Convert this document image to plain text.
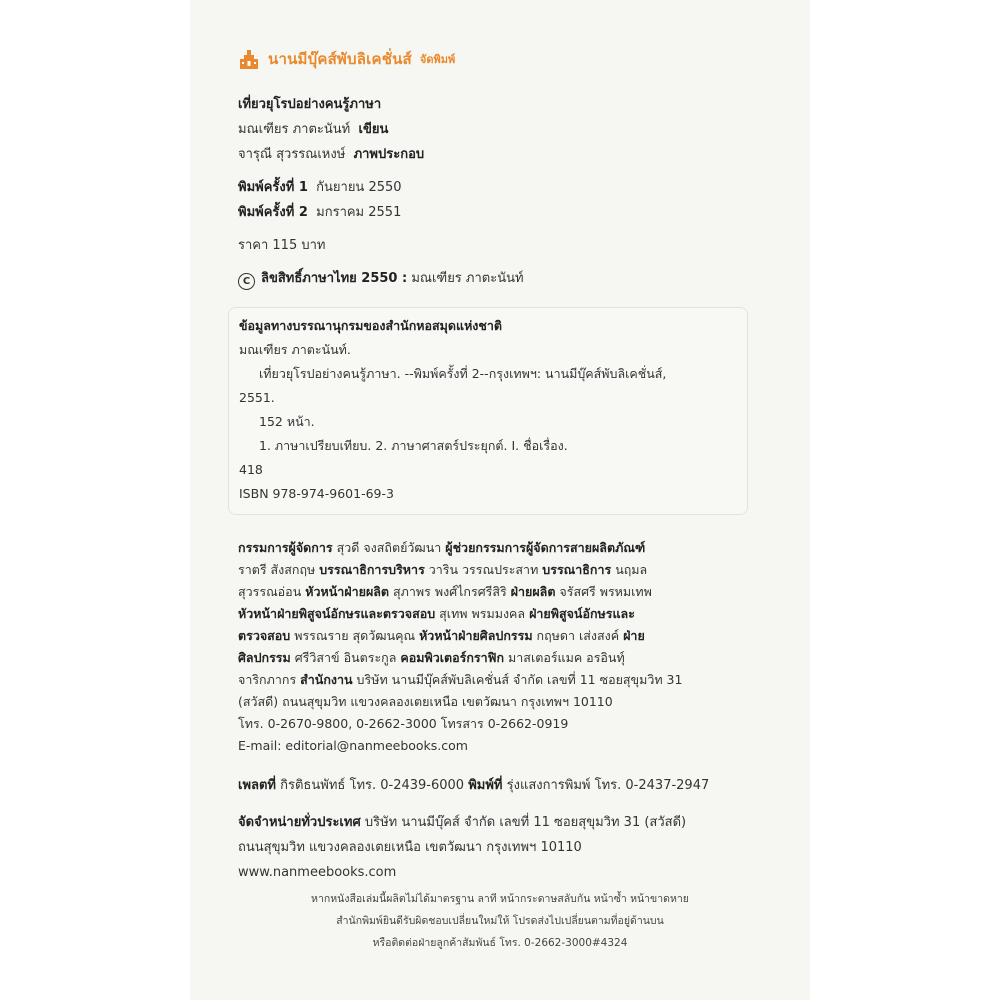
นานมีบุ๊คส์พับลิเคชั่นส์ จัดพิมพ์
เที่ยวยุโรปอย่างคนรู้ภาษา
มณเฑียร ภาตะนันท์ เขียน
จารุณี สุวรรณเหงษ์ ภาพประกอบ
พิมพ์ครั้งที่ 1 กันยายน 2550
พิมพ์ครั้งที่ 2 มกราคม 2551
ราคา 115 บาท
C ลิขสิทธิ์ภาษาไทย 2550 : มณเฑียร ภาตะนันท์
ข้อมูลทางบรรณานุกรมของสำนักหอสมุดแห่งชาติ
มณเฑียร ภาตะนันท์.
เที่ยวยุโรปอย่างคนรู้ภาษา. --พิมพ์ครั้งที่ 2--กรุงเทพฯ: นานมีบุ๊คส์พับลิเคชั่นส์,
2551.
152 หน้า.
1. ภาษาเปรียบเทียบ. 2. ภาษาศาสตร์ประยุกต์. I. ชื่อเรื่อง.
418
ISBN 978-974-9601-69-3
กรรมการผู้จัดการ สุวดี จงสถิตย์วัฒนา ผู้ช่วยกรรมการผู้จัดการสายผลิตภัณฑ์
ราตรี สังสกฤษ บรรณาธิการบริหาร วาริน วรรณประสาท บรรณาธิการ นฤมล
สุวรรณอ่อน หัวหน้าฝ่ายผลิต สุภาพร พงศ์ไกรศรีสิริ ฝ่ายผลิต จรัสศรี พรหมเทพ
หัวหน้าฝ่ายพิสูจน์อักษรและตรวจสอบ สุเทพ พรมมงคล ฝ่ายพิสูจน์อักษรและ
ตรวจสอบ พรรณราย สุดวัฒนคุณ หัวหน้าฝ่ายศิลปกรรม กฤษดา เส่งสงค์ ฝ่าย
ศิลปกรรม ศรีวิสาข์ อินตระกูล คอมพิวเตอร์กราฟิก มาสเตอร์แมค อรอินทุ์
จาริกภากร สำนักงาน บริษัท นานมีบุ๊คส์พับลิเคชั่นส์ จำกัด เลขที่ 11 ซอยสุขุมวิท 31
(สวัสดี) ถนนสุขุมวิท แขวงคลองเตยเหนือ เขตวัฒนา กรุงเทพฯ 10110
โทร. 0-2670-9800, 0-2662-3000 โทรสาร 0-2662-0919
E-mail: editorial@nanmeebooks.com
เพลตที่ กิรติธนพัทธ์ โทร. 0-2439-6000 พิมพ์ที่ รุ่งแสงการพิมพ์ โทร. 0-2437-2947
จัดจำหน่ายทั่วประเทศ บริษัท นานมีบุ๊คส์ จำกัด เลขที่ 11 ซอยสุขุมวิท 31 (สวัสดี)
ถนนสุขุมวิท แขวงคลองเตยเหนือ เขตวัฒนา กรุงเทพฯ 10110
www.nanmeebooks.com
หากหนังสือเล่มนี้ผลิตไม่ได้มาตรฐาน ลาที หน้ากระดาษสลับกัน หน้าซ้ำ หน้าขาดหาย
สำนักพิมพ์ยินดีรับผิดชอบเปลี่ยนใหม่ให้ โปรดส่งไปเปลี่ยนตามที่อยู่ด้านบน
หรือติดต่อฝ่ายลูกค้าสัมพันธ์ โทร. 0-2662-3000#4324
